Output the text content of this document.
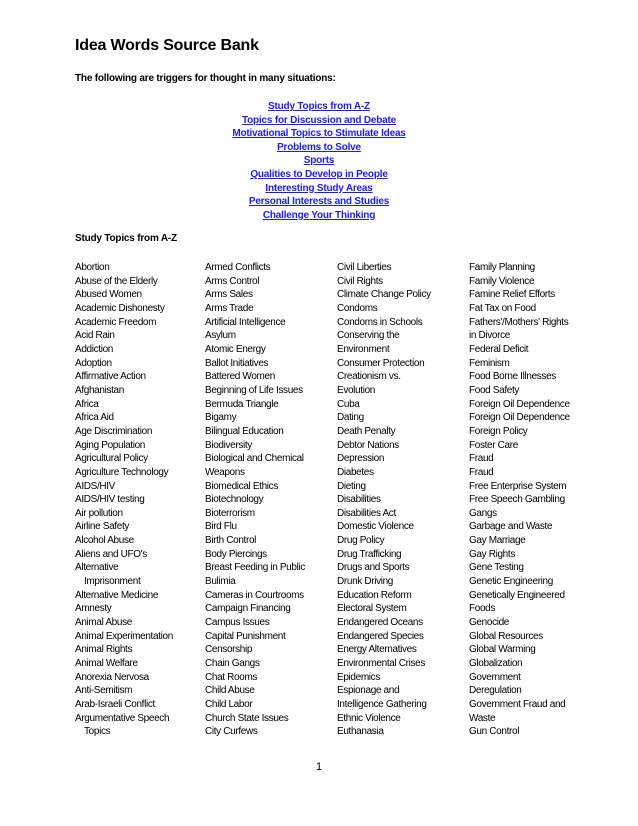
Idea Words Source Bank
The following are triggers for thought in many situations:
Study Topics from A-Z
Topics for Discussion and Debate
Motivational Topics to Stimulate Ideas
Problems to Solve
Sports
Qualities to Develop in People
Interesting Study Areas
Personal Interests and Studies
Challenge Your Thinking
Study Topics from A-Z
Abortion
Abuse of the Elderly
Abused Women
Academic Dishonesty
Academic Freedom
Acid Rain
Addiction
Adoption
Affirmative Action
Afghanistan
Africa
Africa Aid
Age Discrimination
Aging Population
Agricultural Policy
Agriculture Technology
AIDS/HIV
AIDS/HIV testing
Air pollution
Airline Safety
Alcohol Abuse
Aliens and UFO's
Alternative
Imprisonment
Alternative Medicine
Amnesty
Animal Abuse
Animal Experimentation
Animal Rights
Animal Welfare
Anorexia Nervosa
Anti-Semitism
Arab-Israeli Conflict
Argumentative Speech
Topics
Armed Conflicts
Arms Control
Arms Sales
Arms Trade
Artificial Intelligence
Asylum
Atomic Energy
Ballot Initiatives
Battered Women
Beginning of Life Issues
Bermuda Triangle
Bigamy
Bilingual Education
Biodiversity
Biological and Chemical
Weapons
Biomedical Ethics
Biotechnology
Bioterrorism
Bird Flu
Birth Control
Body Piercings
Breast Feeding in Public
Bulimia
Cameras in Courtrooms
Campaign Financing
Campus Issues
Capital Punishment
Censorship
Chain Gangs
Chat Rooms
Child Abuse
Child Labor
Church State Issues
City Curfews
Civil Liberties
Civil Rights
Climate Change Policy
Condoms
Condoms in Schools
Conserving the
Environment
Consumer Protection
Creationism vs.
Evolution
Cuba
Dating
Death Penalty
Debtor Nations
Depression
Diabetes
Dieting
Disabilities
Disabilities Act
Domestic Violence
Drug Policy
Drug Trafficking
Drugs and Sports
Drunk Driving
Education Reform
Electoral System
Endangered Oceans
Endangered Species
Energy Alternatives
Environmental Crises
Epidemics
Espionage and
Intelligence Gathering
Ethnic Violence
Euthanasia
Family Planning
Family Violence
Famine Relief Efforts
Fat Tax on Food
Fathers'/Mothers' Rights
in Divorce
Federal Deficit
Feminism
Food Borne Illnesses
Food Safety
Foreign Oil Dependence
Foreign Oil Dependence
Foreign Policy
Foster Care
Fraud
Fraud
Free Enterprise System
Free Speech Gambling
Gangs
Garbage and Waste
Gay Marriage
Gay Rights
Gene Testing
Genetic Engineering
Genetically Engineered
Foods
Genocide
Global Resources
Global Warming
Globalization
Government
Deregulation
Government Fraud and
Waste
Gun Control
1
